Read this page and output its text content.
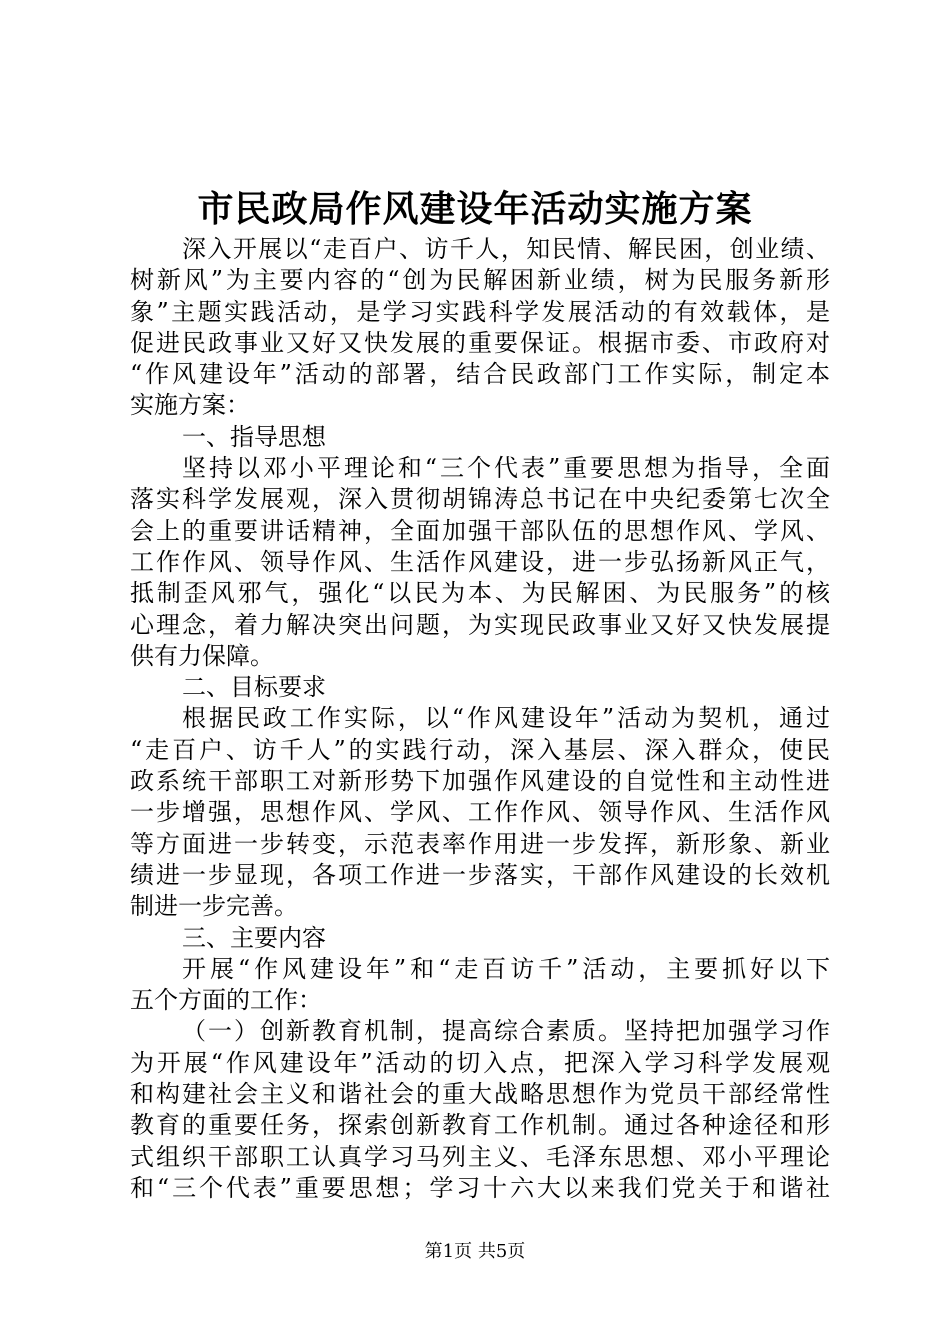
市民政局作风建设年活动实施方案
深入开展以“走百户、访千人，知民情、解民困，创业绩、
树新风”为主要内容的“创为民解困新业绩，树为民服务新形
象”主题实践活动，是学习实践科学发展活动的有效载体，是
促进民政事业又好又快发展的重要保证。根据市委、市政府对
“作风建设年”活动的部署，结合民政部门工作实际，制定本
实施方案：
一、指导思想
坚持以邓小平理论和“三个代表”重要思想为指导，全面
落实科学发展观，深入贯彻胡锦涛总书记在中央纪委第七次全
会上的重要讲话精神，全面加强干部队伍的思想作风、学风、
工作作风、领导作风、生活作风建设，进一步弘扬新风正气，
抵制歪风邪气，强化“以民为本、为民解困、为民服务”的核
心理念，着力解决突出问题，为实现民政事业又好又快发展提
供有力保障。
二、目标要求
根据民政工作实际，以“作风建设年”活动为契机，通过
“走百户、访千人”的实践行动，深入基层、深入群众，使民
政系统干部职工对新形势下加强作风建设的自觉性和主动性进
一步增强，思想作风、学风、工作作风、领导作风、生活作风
等方面进一步转变，示范表率作用进一步发挥，新形象、新业
绩进一步显现，各项工作进一步落实，干部作风建设的长效机
制进一步完善。
三、主要内容
开展“作风建设年”和“走百访千”活动，主要抓好以下
五个方面的工作：
（一）创新教育机制，提高综合素质。坚持把加强学习作
为开展“作风建设年”活动的切入点，把深入学习科学发展观
和构建社会主义和谐社会的重大战略思想作为党员干部经常性
教育的重要任务，探索创新教育工作机制。通过各种途径和形
式组织干部职工认真学习马列主义、毛泽东思想、邓小平理论
和“三个代表”重要思想；学习十六大以来我们党关于和谐社
第1页 共5页
